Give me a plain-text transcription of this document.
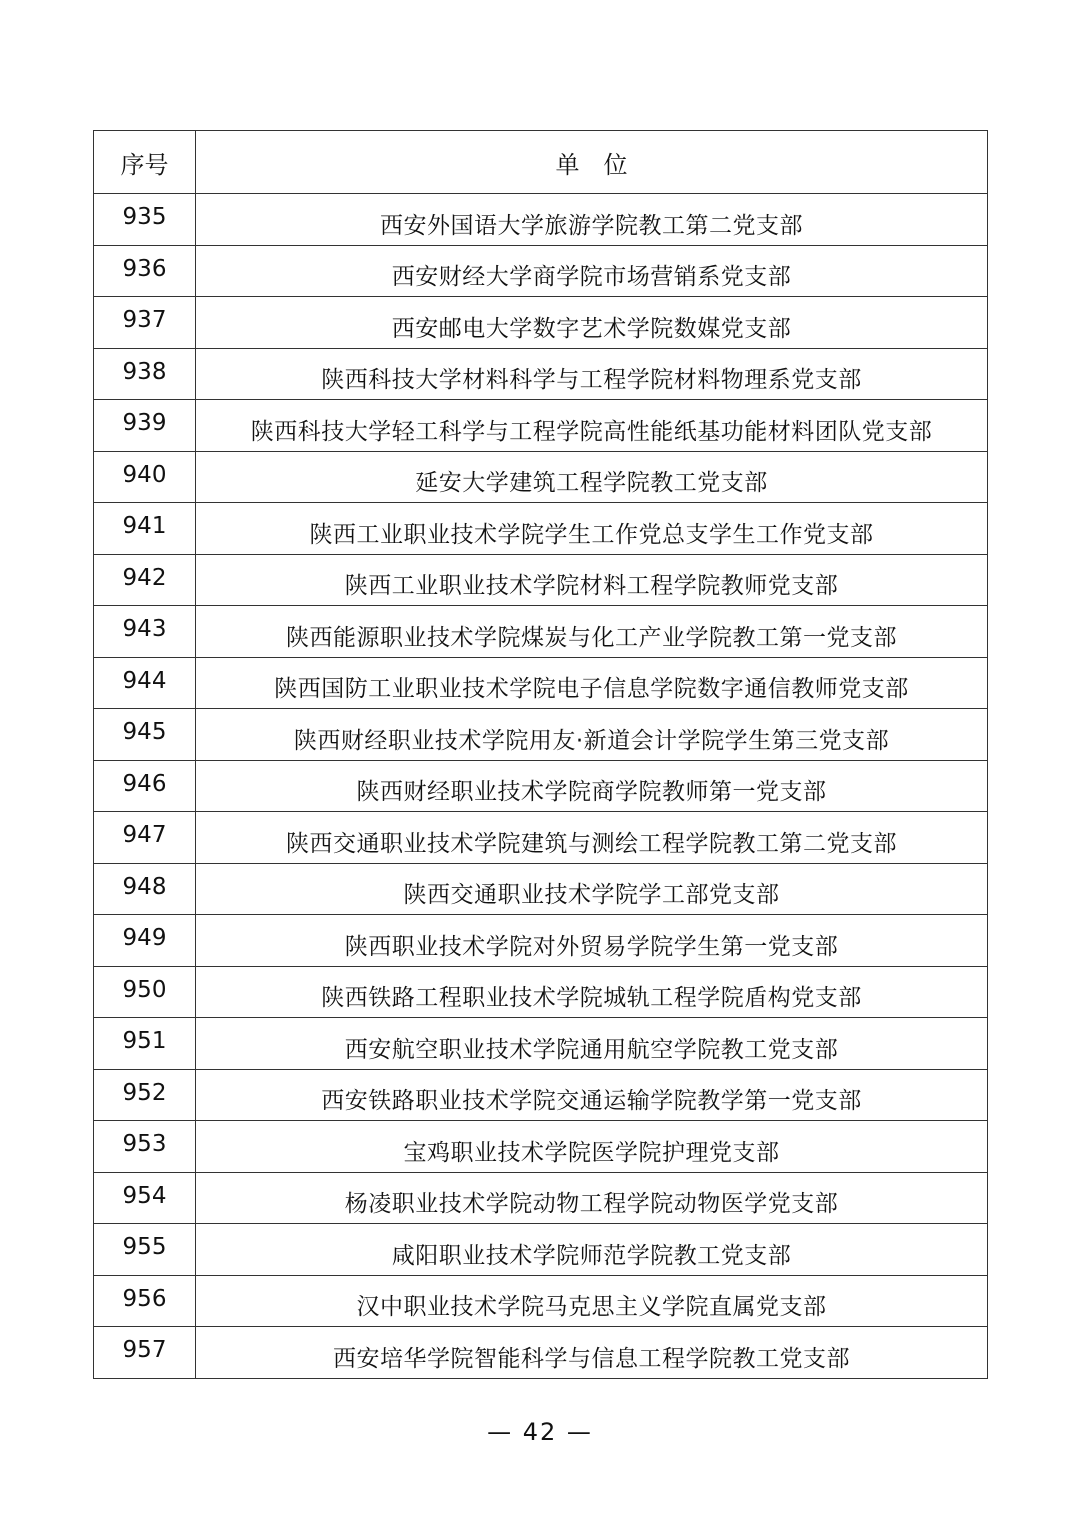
序号	单　位
935	西安外国语大学旅游学院教工第二党支部
936	西安财经大学商学院市场营销系党支部
937	西安邮电大学数字艺术学院数媒党支部
938	陕西科技大学材料科学与工程学院材料物理系党支部
939	陕西科技大学轻工科学与工程学院高性能纸基功能材料团队党支部
940	延安大学建筑工程学院教工党支部
941	陕西工业职业技术学院学生工作党总支学生工作党支部
942	陕西工业职业技术学院材料工程学院教师党支部
943	陕西能源职业技术学院煤炭与化工产业学院教工第一党支部
944	陕西国防工业职业技术学院电子信息学院数字通信教师党支部
945	陕西财经职业技术学院用友·新道会计学院学生第三党支部
946	陕西财经职业技术学院商学院教师第一党支部
947	陕西交通职业技术学院建筑与测绘工程学院教工第二党支部
948	陕西交通职业技术学院学工部党支部
949	陕西职业技术学院对外贸易学院学生第一党支部
950	陕西铁路工程职业技术学院城轨工程学院盾构党支部
951	西安航空职业技术学院通用航空学院教工党支部
952	西安铁路职业技术学院交通运输学院教学第一党支部
953	宝鸡职业技术学院医学院护理党支部
954	杨凌职业技术学院动物工程学院动物医学党支部
955	咸阳职业技术学院师范学院教工党支部
956	汉中职业技术学院马克思主义学院直属党支部
957	西安培华学院智能科学与信息工程学院教工党支部
— 42 —
